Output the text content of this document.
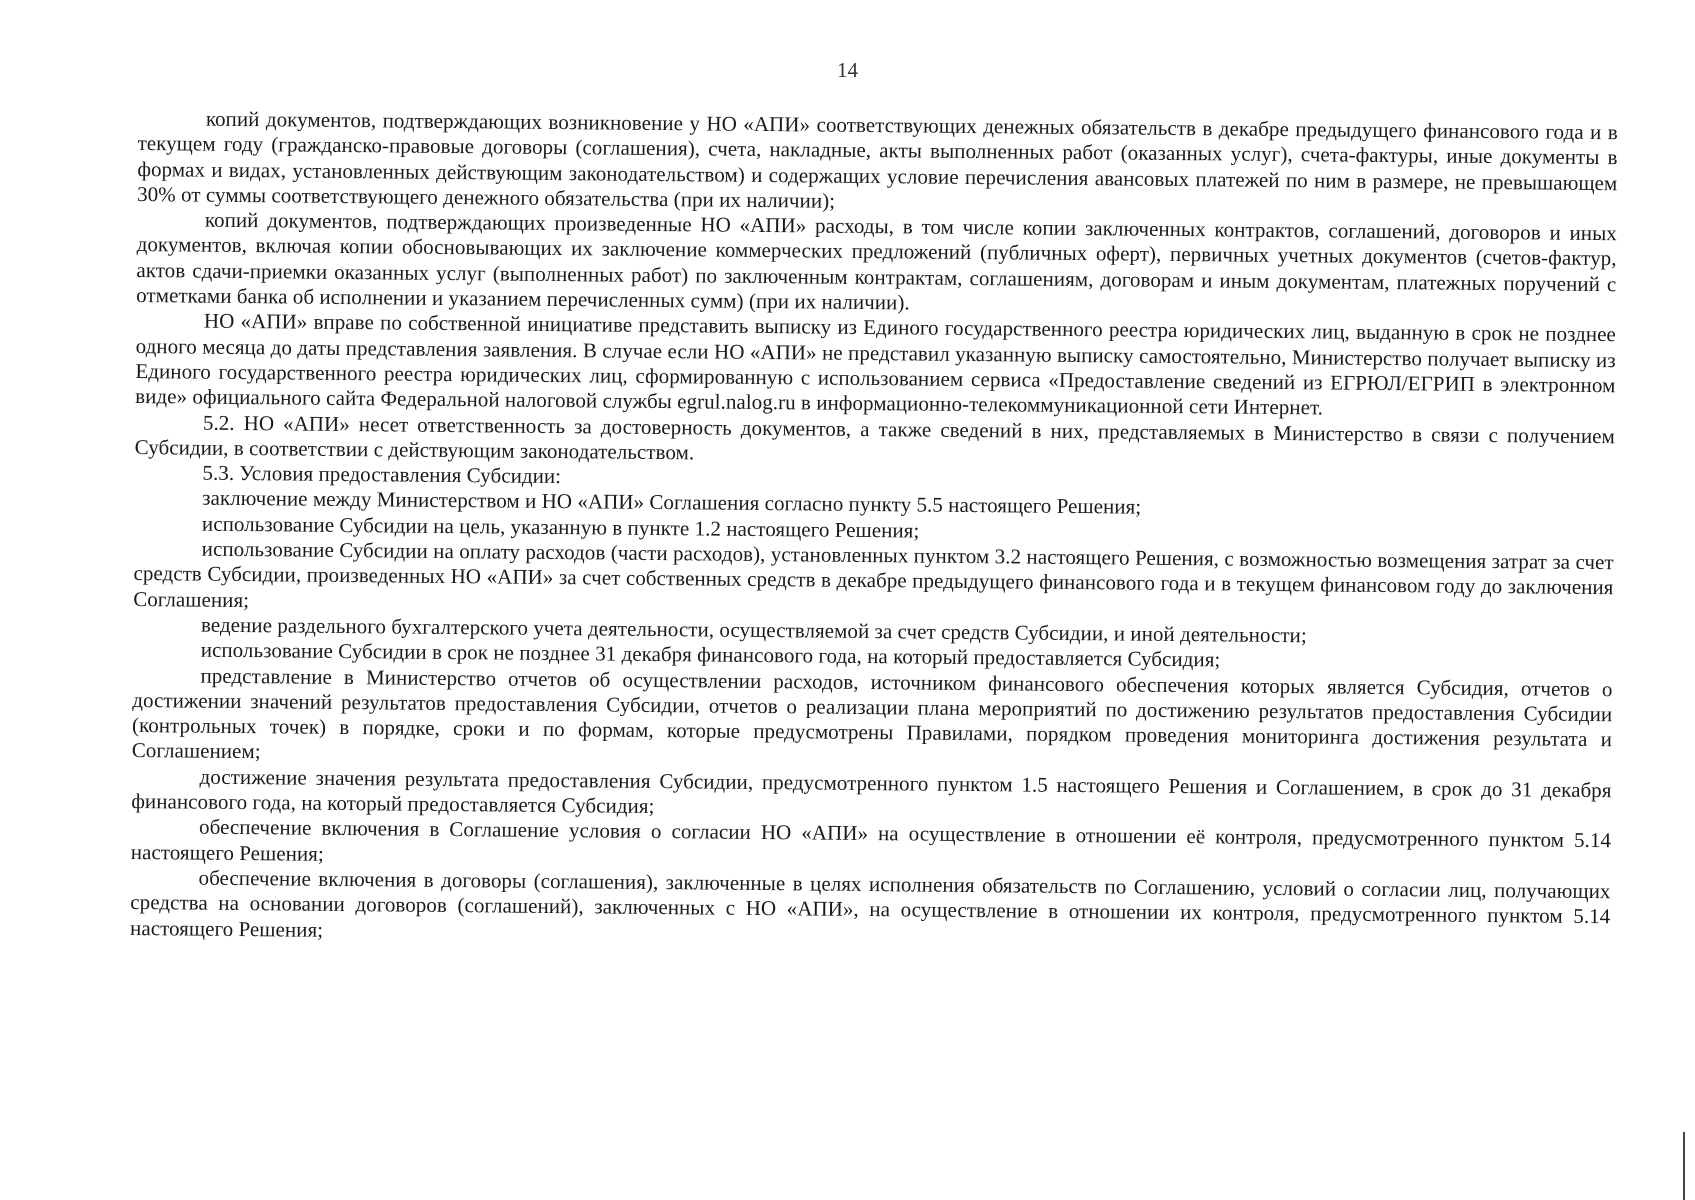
14

копий документов, подтверждающих возникновение у НО «АПИ» соответствующих денежных обязательств в декабре предыдущего финансового года и в текущем году (гражданско-правовые договоры (соглашения), счета, накладные, акты выполненных работ (оказанных услуг), счета-фактуры, иные документы в формах и видах, установленных действующим законодательством) и содержащих условие перечисления авансовых платежей по ним в размере, не превышающем 30% от суммы соответствующего денежного обязательства (при их наличии);

копий документов, подтверждающих произведенные НО «АПИ» расходы, в том числе копии заключенных контрактов, соглашений, договоров и иных документов, включая копии обосновывающих их заключение коммерческих предложений (публичных оферт), первичных учетных документов (счетов-фактур, актов сдачи-приемки оказанных услуг (выполненных работ) по заключенным контрактам, соглашениям, договорам и иным документам, платежных поручений с отметками банка об исполнении и указанием перечисленных сумм) (при их наличии).

НО «АПИ» вправе по собственной инициативе представить выписку из Единого государственного реестра юридических лиц, выданную в срок не позднее одного месяца до даты представления заявления. В случае если НО «АПИ» не представил указанную выписку самостоятельно, Министерство получает выписку из Единого государственного реестра юридических лиц, сформированную с использованием сервиса «Предоставление сведений из ЕГРЮЛ/ЕГРИП в электронном виде» официального сайта Федеральной налоговой службы egrul.nalog.ru в информационно-телекоммуникационной сети Интернет.

5.2. НО «АПИ» несет ответственность за достоверность документов, а также сведений в них, представляемых в Министерство в связи с получением Субсидии, в соответствии с действующим законодательством.

5.3. Условия предоставления Субсидии:

заключение между Министерством и НО «АПИ» Соглашения согласно пункту 5.5 настоящего Решения;

использование Субсидии на цель, указанную в пункте 1.2 настоящего Решения;

использование Субсидии на оплату расходов (части расходов), установленных пунктом 3.2 настоящего Решения, с возможностью возмещения затрат за счет средств Субсидии, произведенных НО «АПИ» за счет собственных средств в декабре предыдущего финансового года и в текущем финансовом году до заключения Соглашения;

ведение раздельного бухгалтерского учета деятельности, осуществляемой за счет средств Субсидии, и иной деятельности;

использование Субсидии в срок не позднее 31 декабря финансового года, на который предоставляется Субсидия;

представление в Министерство отчетов об осуществлении расходов, источником финансового обеспечения которых является Субсидия, отчетов о достижении значений результатов предоставления Субсидии, отчетов о реализации плана мероприятий по достижению результатов предоставления Субсидии (контрольных точек) в порядке, сроки и по формам, которые предусмотрены Правилами, порядком проведения мониторинга достижения результата и Соглашением;

достижение значения результата предоставления Субсидии, предусмотренного пунктом 1.5 настоящего Решения и Соглашением, в срок до 31 декабря финансового года, на который предоставляется Субсидия;

обеспечение включения в Соглашение условия о согласии НО «АПИ» на осуществление в отношении её контроля, предусмотренного пунктом 5.14 настоящего Решения;

обеспечение включения в договоры (соглашения), заключенные в целях исполнения обязательств по Соглашению, условий о согласии лиц, получающих средства на основании договоров (соглашений), заключенных с НО «АПИ», на осуществление в отношении их контроля, предусмотренного пунктом 5.14 настоящего Решения;
